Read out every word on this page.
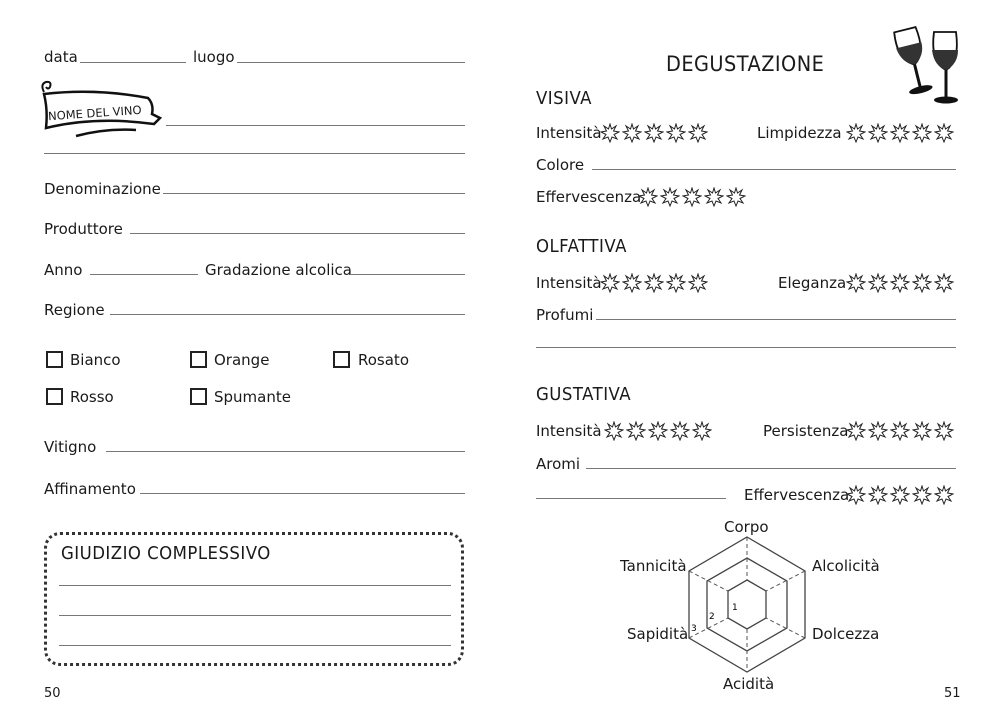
data	luogo
NOME DEL VINO
Denominazione
Produttore
Anno	Gradazione alcolica
Regione
Bianco	Orange	Rosato
Rosso	Spumante
Vitigno
Affinamento
GIUDIZIO COMPLESSIVO
50
DEGUSTAZIONE
VISIVA
Intensità	Limpidezza
Colore
Effervescenza
OLFATTIVA
Intensità	Eleganza
Profumi
GUSTATIVA
Intensità	Persistenza
Aromi
Effervescenza
1
2
3
Corpo
Alcolicità
Dolcezza
Acidità
Sapidità
Tannicità
51
